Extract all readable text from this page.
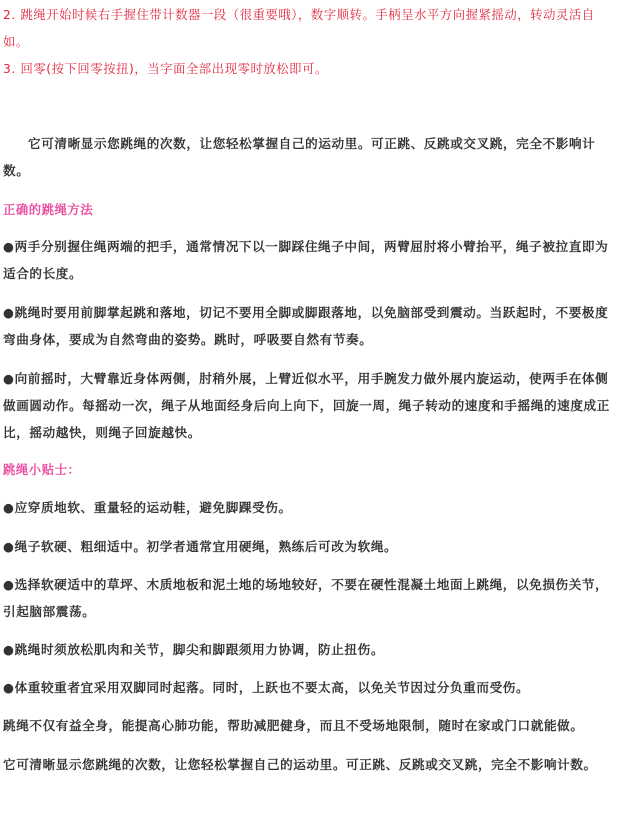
2. 跳绳开始时候右手握住带计数器一段（很重要哦），数字顺转。手柄呈水平方向握紧摇动，转动灵活自如。

3. 回零(按下回零按扭)，当字面全部出现零时放松即可。

它可清晰显示您跳绳的次数，让您轻松掌握自己的运动里。可正跳、反跳或交叉跳，完全不影响计数。

正确的跳绳方法

●两手分别握住绳两端的把手，通常情况下以一脚踩住绳子中间，两臂屈肘将小臂抬平，绳子被拉直即为适合的长度。

●跳绳时要用前脚掌起跳和落地，切记不要用全脚或脚跟落地，以免脑部受到震动。当跃起时，不要极度弯曲身体，要成为自然弯曲的姿势。跳时，呼吸要自然有节奏。

●向前摇时，大臂靠近身体两侧，肘稍外展，上臂近似水平，用手腕发力做外展内旋运动，使两手在体侧做画圆动作。每摇动一次，绳子从地面经身后向上向下，回旋一周，绳子转动的速度和手摇绳的速度成正比，摇动越快，则绳子回旋越快。

跳绳小贴士：

●应穿质地软、重量轻的运动鞋，避免脚踝受伤。

●绳子软硬、粗细适中。初学者通常宜用硬绳，熟练后可改为软绳。

●选择软硬适中的草坪、木质地板和泥土地的场地较好，不要在硬性混凝土地面上跳绳，以免损伤关节，引起脑部震荡。

●跳绳时须放松肌肉和关节，脚尖和脚跟须用力协调，防止扭伤。

●体重较重者宜采用双脚同时起落。同时，上跃也不要太高，以免关节因过分负重而受伤。

跳绳不仅有益全身，能提高心肺功能，帮助减肥健身，而且不受场地限制，随时在家或门口就能做。

它可清晰显示您跳绳的次数，让您轻松掌握自己的运动里。可正跳、反跳或交叉跳，完全不影响计数。
